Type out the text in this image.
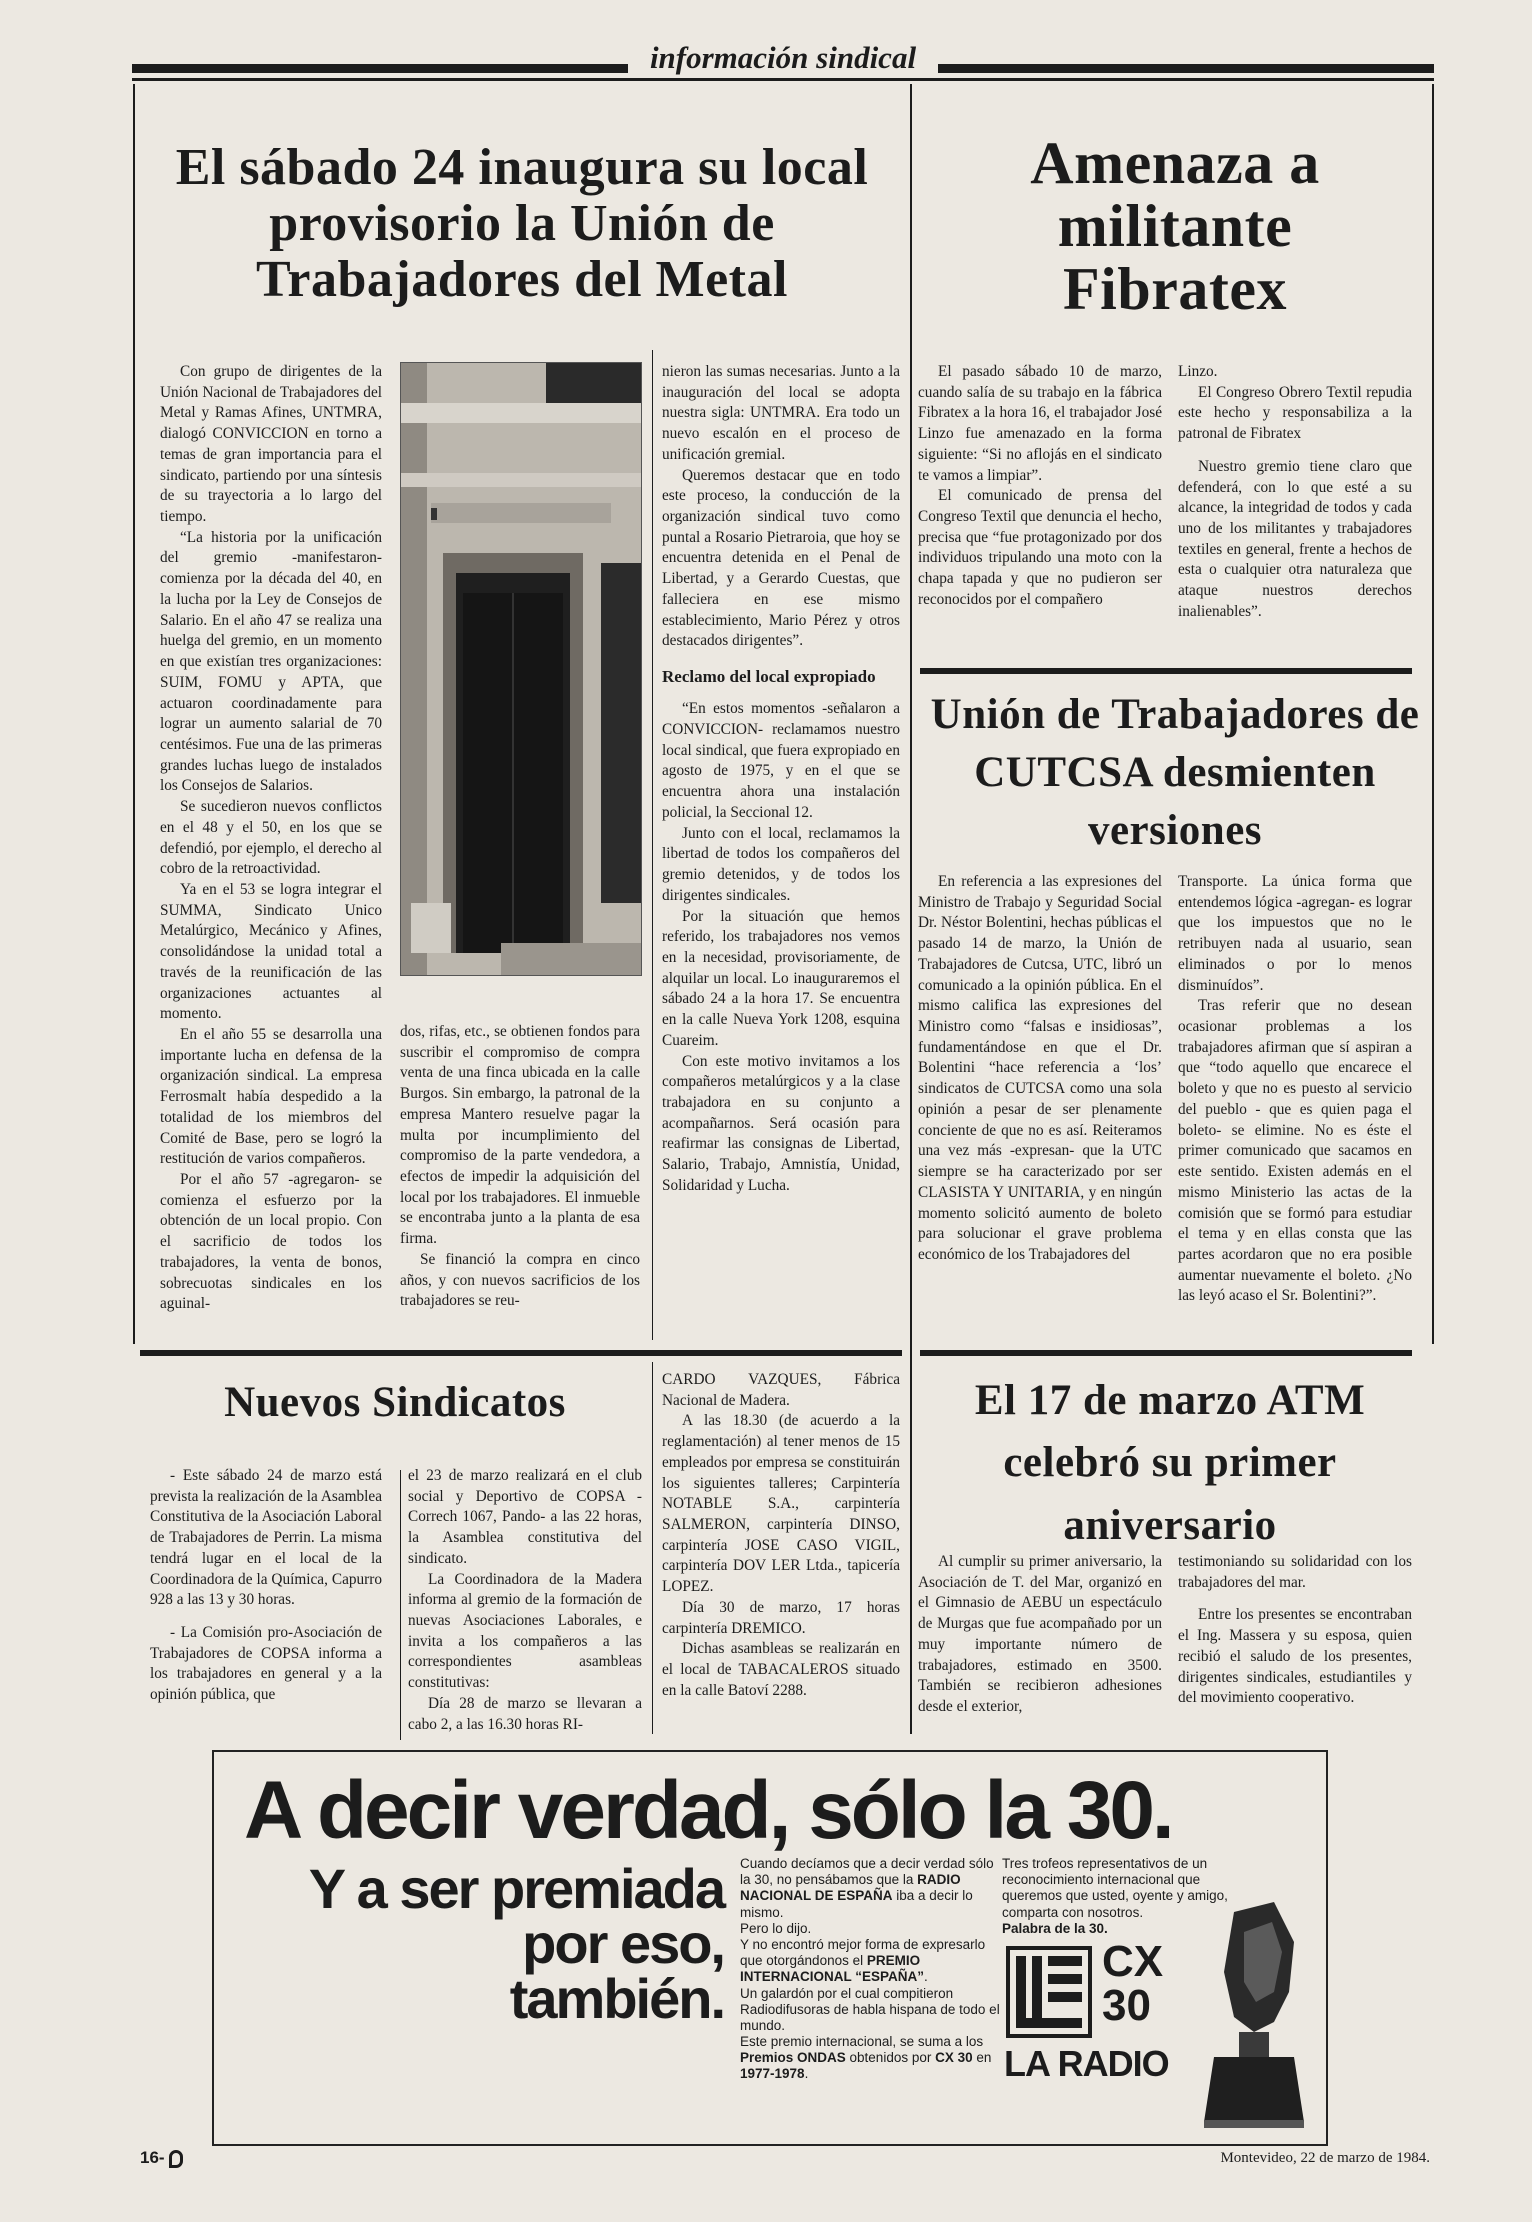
información sindical
El sábado 24 inaugura su local provisorio la Unión de Trabajadores del Metal

Con grupo de dirigentes de la Unión Nacional de Trabajadores del Metal y Ramas Afines, UNTMRA, dialogó CONVICCION en torno a temas de gran importancia para el sindicato, partiendo por una síntesis de su trayectoria a lo largo del tiempo.

“La historia por la unificación del gremio -manifestaron- comienza por la década del 40, en la lucha por la Ley de Consejos de Salario. En el año 47 se realiza una huelga del gremio, en un momento en que existían tres organizaciones: SUIM, FOMU y APTA, que actuaron coordinadamente para lograr un aumento salarial de 70 centésimos. Fue una de las primeras grandes luchas luego de instalados los Consejos de Salarios.

Se sucedieron nuevos conflictos en el 48 y el 50, en los que se defendió, por ejemplo, el derecho al cobro de la retroactividad.

Ya en el 53 se logra integrar el SUMMA, Sindicato Unico Metalúrgico, Mecánico y Afines, consolidándose la unidad total a través de la reunificación de las organizaciones actuantes al momento.

En el año 55 se desarrolla una importante lucha en defensa de la organización sindical. La empresa Ferrosmalt había despedido a la totalidad de los miembros del Comité de Base, pero se logró la restitución de varios compañeros.

Por el año 57 -agregaron- se comienza el esfuerzo por la obtención de un local propio. Con el sacrificio de todos los trabajadores, la venta de bonos, sobrecuotas sindicales en los aguinal-

dos, rifas, etc., se obtienen fondos para suscribir el compromiso de compra venta de una finca ubicada en la calle Burgos. Sin embargo, la patronal de la empresa Mantero resuelve pagar la multa por incumplimiento del compromiso de la parte vendedora, a efectos de impedir la adquisición del local por los trabajadores. El inmueble se encontraba junto a la planta de esa firma.

Se financió la compra en cinco años, y con nuevos sacrificios de los trabajadores se reu-

nieron las sumas necesarias. Junto a la inauguración del local se adopta nuestra sigla: UNTMRA. Era todo un nuevo escalón en el proceso de unificación gremial.

Queremos destacar que en todo este proceso, la conducción de la organización sindical tuvo como puntal a Rosario Pietraroia, que hoy se encuentra detenida en el Penal de Libertad, y a Gerardo Cuestas, que falleciera en ese mismo establecimiento, Mario Pérez y otros destacados dirigentes”.

Reclamo del local expropiado

“En estos momentos -señalaron a CONVICCION- reclamamos nuestro local sindical, que fuera expropiado en agosto de 1975, y en el que se encuentra ahora una instalación policial, la Seccional 12.

Junto con el local, reclamamos la libertad de todos los compañeros del gremio detenidos, y de todos los dirigentes sindicales.

Por la situación que hemos referido, los trabajadores nos vemos en la necesidad, provisoriamente, de alquilar un local. Lo inauguraremos el sábado 24 a la hora 17. Se encuentra en la calle Nueva York 1208, esquina Cuareim.

Con este motivo invitamos a los compañeros metalúrgicos y a la clase trabajadora en su conjunto a acompañarnos. Será ocasión para reafirmar las consignas de Libertad, Salario, Trabajo, Amnistía, Unidad, Solidaridad y Lucha.

Amenaza a militante Fibratex

El pasado sábado 10 de marzo, cuando salía de su trabajo en la fábrica Fibratex a la hora 16, el trabajador José Linzo fue amenazado en la forma siguiente: “Si no aflojás en el sindicato te vamos a limpiar”.

El comunicado de prensa del Congreso Textil que denuncia el hecho, precisa que “fue protagonizado por dos individuos tripulando una moto con la chapa tapada y que no pudieron ser reconocidos por el compañero

Linzo.

El Congreso Obrero Textil repudia este hecho y responsabiliza a la patronal de Fibratex

Nuestro gremio tiene claro que defenderá, con lo que esté a su alcance, la integridad de todos y cada uno de los militantes y trabajadores textiles en general, frente a hechos de esta o cualquier otra naturaleza que ataque nuestros derechos inalienables”.

Unión de Trabajadores de CUTCSA desmienten versiones

En referencia a las expresiones del Ministro de Trabajo y Seguridad Social Dr. Néstor Bolentini, hechas públicas el pasado 14 de marzo, la Unión de Trabajadores de Cutcsa, UTC, libró un comunicado a la opinión pública. En el mismo califica las expresiones del Ministro como “falsas e insidiosas”, fundamentándose en que el Dr. Bolentini “hace referencia a ‘los’ sindicatos de CUTCSA como una sola opinión a pesar de ser plenamente conciente de que no es así. Reiteramos una vez más -expresan- que la UTC siempre se ha caracterizado por ser CLASISTA Y UNITARIA, y en ningún momento solicitó aumento de boleto para solucionar el grave problema económico de los Trabajadores del

Transporte. La única forma que entendemos lógica -agregan- es lograr que los impuestos que no le retribuyen nada al usuario, sean eliminados o por lo menos disminuídos”.

Tras referir que no desean ocasionar problemas a los trabajadores afirman que sí aspiran a que “todo aquello que encarece el boleto y que no es puesto al servicio del pueblo - que es quien paga el boleto- se elimine. No es éste el primer comunicado que sacamos en este sentido. Existen además en el mismo Ministerio las actas de la comisión que se formó para estudiar el tema y en ellas consta que las partes acordaron que no era posible aumentar nuevamente el boleto. ¿No las leyó acaso el Sr. Bolentini?”.

Nuevos Sindicatos

- Este sábado 24 de marzo está prevista la realización de la Asamblea Constitutiva de la Asociación Laboral de Trabajadores de Perrin. La misma tendrá lugar en el local de la Coordinadora de la Química, Capurro 928 a las 13 y 30 horas.

- La Comisión pro-Asociación de Trabajadores de COPSA informa a los trabajadores en general y a la opinión pública, que

el 23 de marzo realizará en el club social y Deportivo de COPSA -Correch 1067, Pando- a las 22 horas, la Asamblea constitutiva del sindicato.

La Coordinadora de la Madera informa al gremio de la formación de nuevas Asociaciones Laborales, e invita a los compañeros a las correspondientes asambleas constitutivas:

Día 28 de marzo se llevaran a cabo 2, a las 16.30 horas RI-

CARDO VAZQUES, Fábrica Nacional de Madera.

A las 18.30 (de acuerdo a la reglamentación) al tener menos de 15 empleados por empresa se constituirán los siguientes talleres; Carpintería NOTABLE S.A., carpintería SALMERON, carpintería DINSO, carpintería JOSE CASO VIGIL, carpintería DOV LER Ltda., tapicería LOPEZ.

Día 30 de marzo, 17 horas carpintería DREMICO.

Dichas asambleas se realizarán en el local de TABACALEROS situado en la calle Batoví 2288.

El 17 de marzo ATM celebró su primer aniversario

Al cumplir su primer aniversario, la Asociación de T. del Mar, organizó en el Gimnasio de AEBU un espectáculo de Murgas que fue acompañado por un muy importante número de trabajadores, estimado en 3500. También se recibieron adhesiones desde el exterior,

testimoniando su solidaridad con los trabajadores del mar.

Entre los presentes se encontraban el Ing. Massera y su esposa, quien recibió el saludo de los presentes, dirigentes sindicales, estudiantiles y del movimiento cooperativo.

A decir verdad, sólo la 30.
Y a ser premiada
por eso,
también.
Cuando decíamos que a decir verdad sólo la 30, no pensábamos que la RADIO NACIONAL DE ESPAÑA iba a decir lo mismo.
Pero lo dijo.
Y no encontró mejor forma de expresarlo que otorgándonos el PREMIO INTERNACIONAL “ESPAÑA”.
Un galardón por el cual compitieron Radiodifusoras de habla hispana de todo el mundo.
Este premio internacional, se suma a los Premios ONDAS obtenidos por CX 30 en 1977-1978.
Tres trofeos representativos de un reconocimiento internacional que queremos que usted, oyente y amigo, comparta con nosotros.
Palabra de la 30.
CX
30
LA RADIO
16-	Montevideo, 22 de marzo de 1984.
